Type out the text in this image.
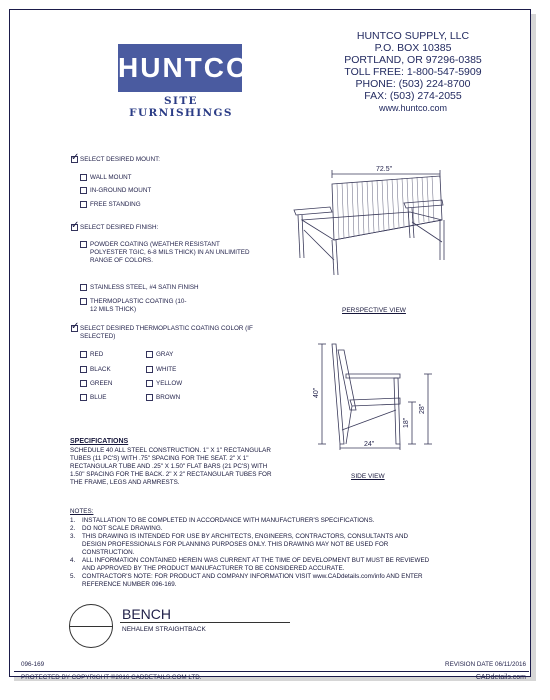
HUNTCO
SITE FURNISHINGS
HUNTCO SUPPLY, LLC
P.O. BOX 10385
PORTLAND, OR 97296-0385
TOLL FREE: 1-800-547-5909
PHONE: (503) 224-8700
FAX: (503) 274-2055
www.huntco.com
✓
SELECT DESIRED MOUNT:
WALL MOUNT
IN-GROUND MOUNT
FREE STANDING
✓
SELECT DESIRED FINISH:
POWDER COATING (WEATHER RESISTANT POLYESTER TGIC, 6-8 MILS THICK) IN AN UNLIMITED RANGE OF COLORS.
STAINLESS STEEL, #4 SATIN FINISH
THERMOPLASTIC COATING (10-12 MILS THICK)
✓
SELECT DESIRED THERMOPLASTIC COATING COLOR (IF SELECTED)
RED
BLACK
GREEN
BLUE
GRAY
WHITE
YELLOW
BROWN
72.5"
PERSPECTIVE VIEW
40"
24"
18"
28"
SIDE VIEW
SPECIFICATIONS
SCHEDULE 40 ALL STEEL CONSTRUCTION. 1" X 1" RECTANGULAR TUBES (11 PC'S) WITH .75" SPACING FOR THE SEAT. 2" X 1" RECTANGULAR TUBE AND .25" X 1.50" FLAT BARS (21 PC'S) WITH 1.50" SPACING FOR THE BACK. 2" X 2" RECTANGULAR TUBES FOR THE FRAME, LEGS AND ARMRESTS.
NOTES:
1.	INSTALLATION TO BE COMPLETED IN ACCORDANCE WITH MANUFACTURER'S SPECIFICATIONS.
2.	DO NOT SCALE DRAWING.
3.	THIS DRAWING IS INTENDED FOR USE BY ARCHITECTS, ENGINEERS, CONTRACTORS, CONSULTANTS AND DESIGN PROFESSIONALS FOR PLANNING PURPOSES ONLY. THIS DRAWING MAY NOT BE USED FOR CONSTRUCTION.
4.	ALL INFORMATION CONTAINED HEREIN WAS CURRENT AT THE TIME OF DEVELOPMENT BUT MUST BE REVIEWED AND APPROVED BY THE PRODUCT MANUFACTURER TO BE CONSIDERED ACCURATE.
5.	CONTRACTOR'S NOTE: FOR PRODUCT AND COMPANY INFORMATION VISIT www.CADdetails.com/info AND ENTER REFERENCE NUMBER 096-169.
BENCH
NEHALEM STRAIGHTBACK
096-169	REVISION DATE 06/11/2016
PROTECTED BY COPYRIGHT ©2016 CADDETAILS.COM LTD.	CADdetails.com
